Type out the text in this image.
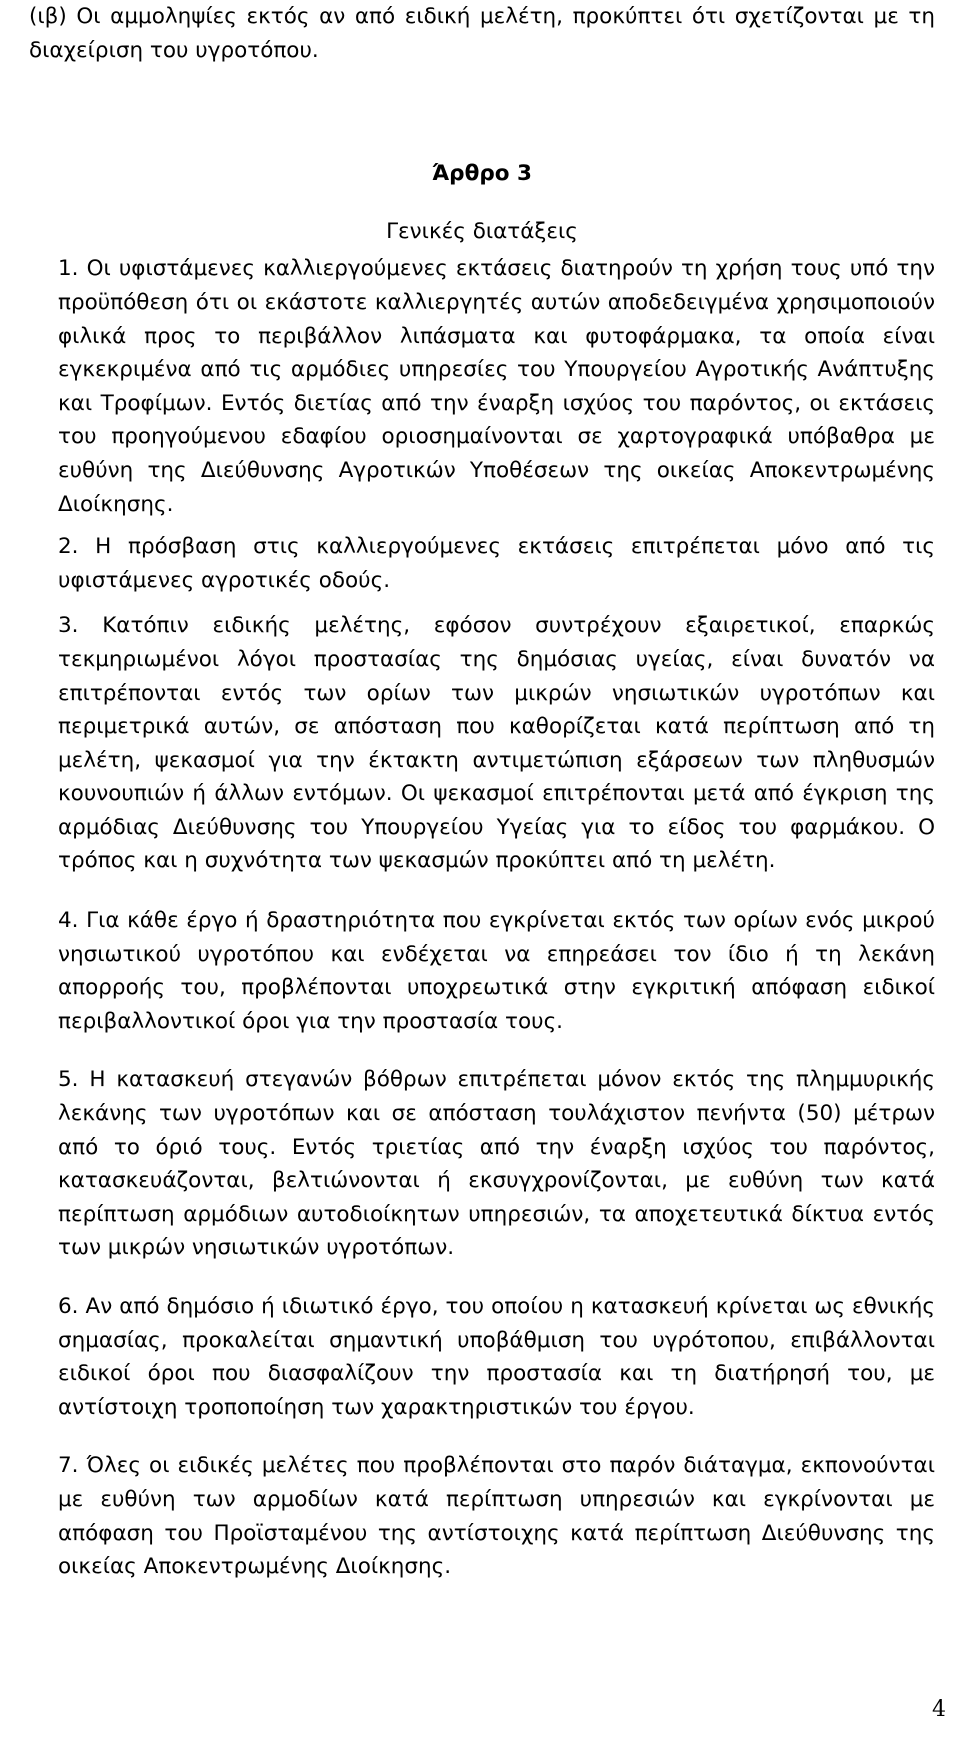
(ιβ) Οι αμμοληψίες εκτός αν από ειδική μελέτη, προκύπτει ότι σχετίζονται με τη διαχείριση του υγροτόπου.

Άρθρο 3
Γενικές διατάξεις

1. Οι υφιστάμενες καλλιεργούμενες εκτάσεις διατηρούν τη χρήση τους υπό την προϋπόθεση ότι οι εκάστοτε καλλιεργητές αυτών αποδεδειγμένα χρησιμοποιούν φιλικά προς το περιβάλλον λιπάσματα και φυτοφάρμακα, τα οποία είναι εγκεκριμένα από τις αρμόδιες υπηρεσίες του Υπουργείου Αγροτικής Ανάπτυξης και Τροφίμων. Εντός διετίας από την έναρξη ισχύος του παρόντος, οι εκτάσεις του προηγούμενου εδαφίου οριοσημαίνονται σε χαρτογραφικά υπόβαθρα με ευθύνη της Διεύθυνσης Αγροτικών Υποθέσεων της οικείας Αποκεντρωμένης Διοίκησης.

2. Η πρόσβαση στις καλλιεργούμενες εκτάσεις επιτρέπεται μόνο από τις υφιστάμενες αγροτικές οδούς.

3. Κατόπιν ειδικής μελέτης, εφόσον συντρέχουν εξαιρετικοί, επαρκώς τεκμηριωμένοι λόγοι προστασίας της δημόσιας υγείας, είναι δυνατόν να επιτρέπονται εντός των ορίων των μικρών νησιωτικών υγροτόπων και περιμετρικά αυτών, σε απόσταση που καθορίζεται κατά περίπτωση από τη μελέτη, ψεκασμοί για την έκτακτη αντιμετώπιση εξάρσεων των πληθυσμών κουνουπιών ή άλλων εντόμων. Οι ψεκασμοί επιτρέπονται μετά από έγκριση της αρμόδιας Διεύθυνσης του Υπουργείου Υγείας για το είδος του φαρμάκου. Ο τρόπος και η συχνότητα των ψεκασμών προκύπτει από τη μελέτη.

4. Για κάθε έργο ή δραστηριότητα που εγκρίνεται εκτός των ορίων ενός μικρού νησιωτικού υγροτόπου και ενδέχεται να επηρεάσει τον ίδιο ή τη λεκάνη απορροής του, προβλέπονται υποχρεωτικά στην εγκριτική απόφαση ειδικοί περιβαλλοντικοί όροι για την προστασία τους.

5. Η κατασκευή στεγανών βόθρων επιτρέπεται μόνον εκτός της πλημμυρικής λεκάνης των υγροτόπων και σε απόσταση τουλάχιστον πενήντα (50) μέτρων από το όριό τους. Εντός τριετίας από την έναρξη ισχύος του παρόντος, κατασκευάζονται, βελτιώνονται ή εκσυγχρονίζονται, με ευθύνη των κατά περίπτωση αρμόδιων αυτοδιοίκητων υπηρεσιών, τα αποχετευτικά δίκτυα εντός των μικρών νησιωτικών υγροτόπων.

6. Αν από δημόσιο ή ιδιωτικό έργο, του οποίου η κατασκευή κρίνεται ως εθνικής σημασίας, προκαλείται σημαντική υποβάθμιση του υγρότοπου, επιβάλλονται ειδικοί όροι που διασφαλίζουν την προστασία και τη διατήρησή του, με αντίστοιχη τροποποίηση των χαρακτηριστικών του έργου.

7. Όλες οι ειδικές μελέτες που προβλέπονται στο παρόν διάταγμα, εκπονούνται με ευθύνη των αρμοδίων κατά περίπτωση υπηρεσιών και εγκρίνονται με απόφαση του Προϊσταμένου της αντίστοιχης κατά περίπτωση Διεύθυνσης της οικείας Αποκεντρωμένης Διοίκησης.

4
